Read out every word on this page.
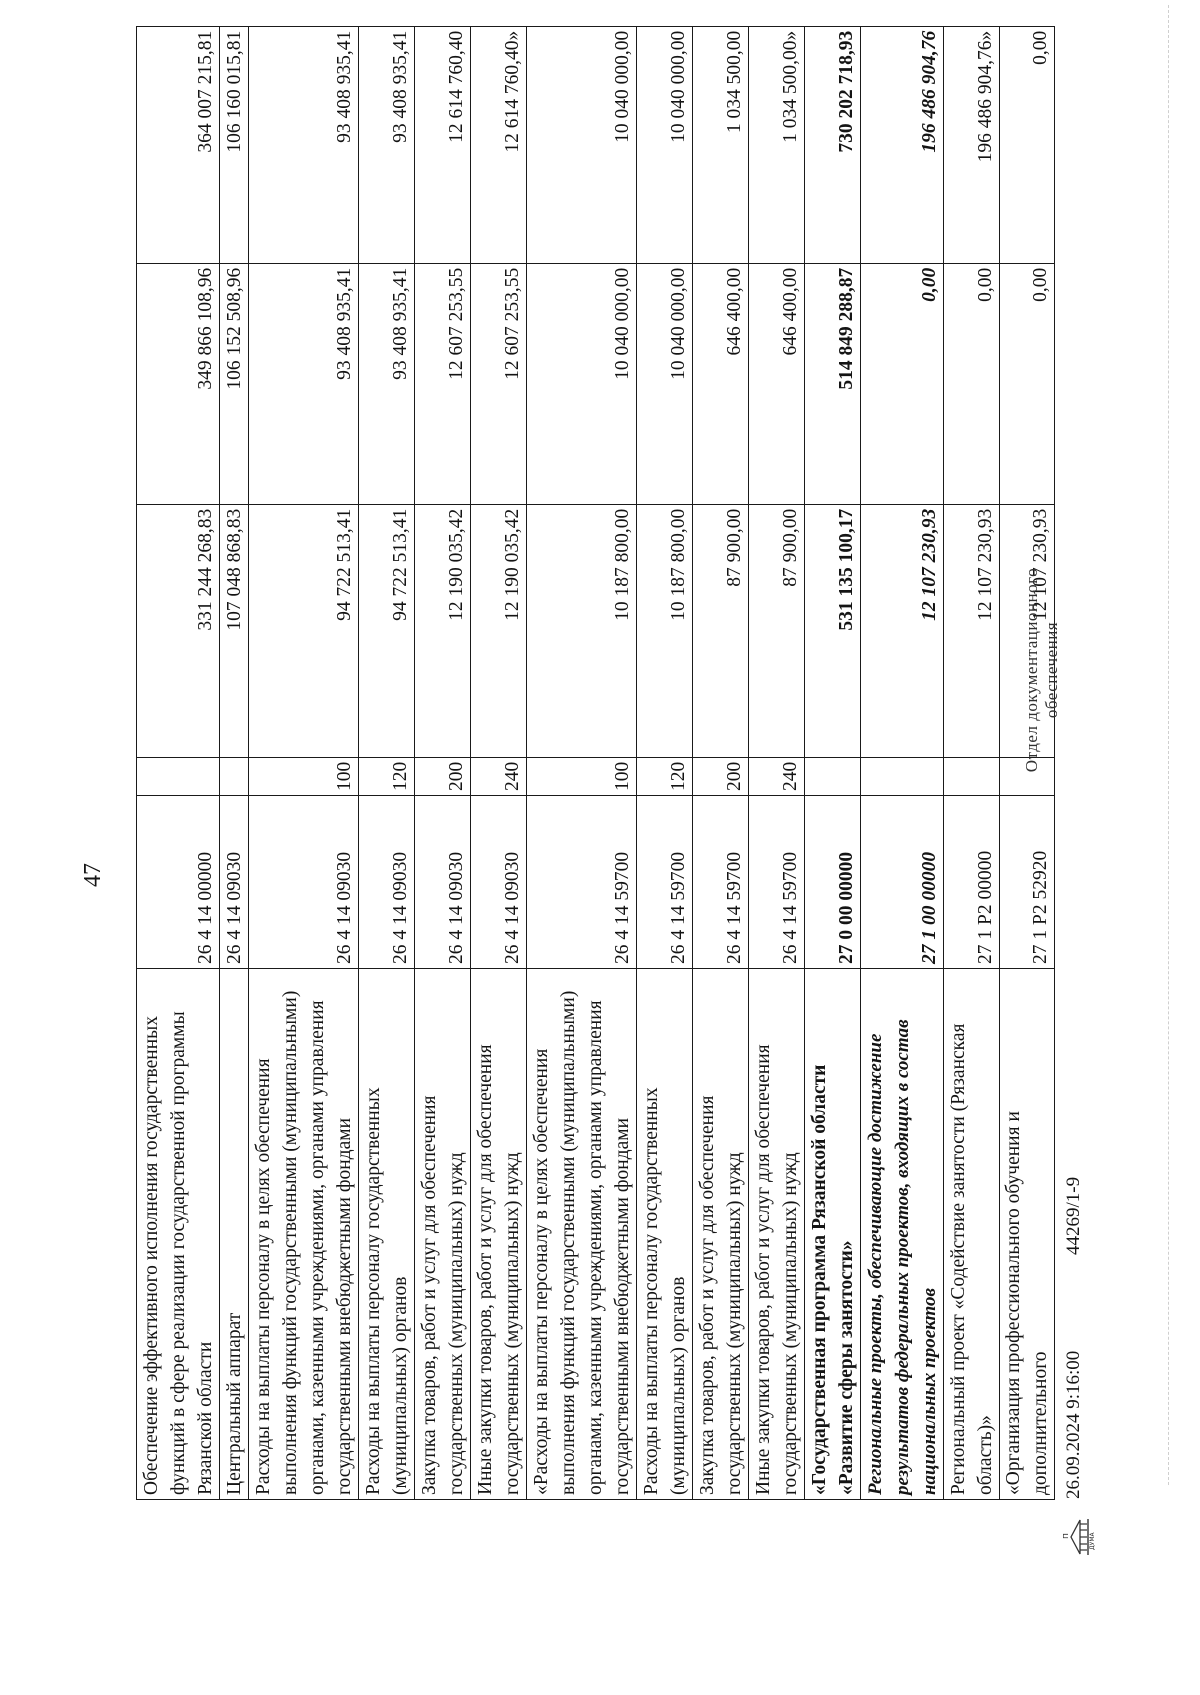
47
Обеспечение эффективного исполнения государственных функций в сфере реализации государственной программы Рязанской области	26 4 14 00000		331 244 268,83	349 866 108,96	364 007 215,81
Центральный аппарат	26 4 14 09030		107 048 868,83	106 152 508,96	106 160 015,81
Расходы на выплаты персоналу в целях обеспечения выполнения функций государственными (муниципальными) органами, казенными учреждениями, органами управления государственными внебюджетными фондами	26 4 14 09030	100	94 722 513,41	93 408 935,41	93 408 935,41
Расходы на выплаты персоналу государственных (муниципальных) органов	26 4 14 09030	120	94 722 513,41	93 408 935,41	93 408 935,41
Закупка товаров, работ и услуг для обеспечения государственных (муниципальных) нужд	26 4 14 09030	200	12 190 035,42	12 607 253,55	12 614 760,40
Иные закупки товаров, работ и услуг для обеспечения государственных (муниципальных) нужд	26 4 14 09030	240	12 190 035,42	12 607 253,55	12 614 760,40»
«Расходы на выплаты персоналу в целях обеспечения выполнения функций государственными (муниципальными) органами, казенными учреждениями, органами управления государственными внебюджетными фондами	26 4 14 59700	100	10 187 800,00	10 040 000,00	10 040 000,00
Расходы на выплаты персоналу государственных (муниципальных) органов	26 4 14 59700	120	10 187 800,00	10 040 000,00	10 040 000,00
Закупка товаров, работ и услуг для обеспечения государственных (муниципальных) нужд	26 4 14 59700	200	87 900,00	646 400,00	1 034 500,00
Иные закупки товаров, работ и услуг для обеспечения государственных (муниципальных) нужд	26 4 14 59700	240	87 900,00	646 400,00	1 034 500,00»
«Государственная программа Рязанской области «Развитие сферы занятости»	27 0 00 00000		531 135 100,17	514 849 288,87	730 202 718,93
Региональные проекты, обеспечивающие достижение результатов федеральных проектов, входящих в состав национальных проектов	27 1 00 00000		12 107 230,93	0,00	196 486 904,76
Региональный проект «Содействие занятости (Рязанская область)»	27 1 P2 00000		12 107 230,93	0,00	196 486 904,76»
«Организация профессионального обучения и дополнительного	27 1 P2 52920		12 107 230,93	0,00	0,00
п	ДУМА
26.09.2024 9:16:00
44269/1-9
Отдел документационного обеспечения
